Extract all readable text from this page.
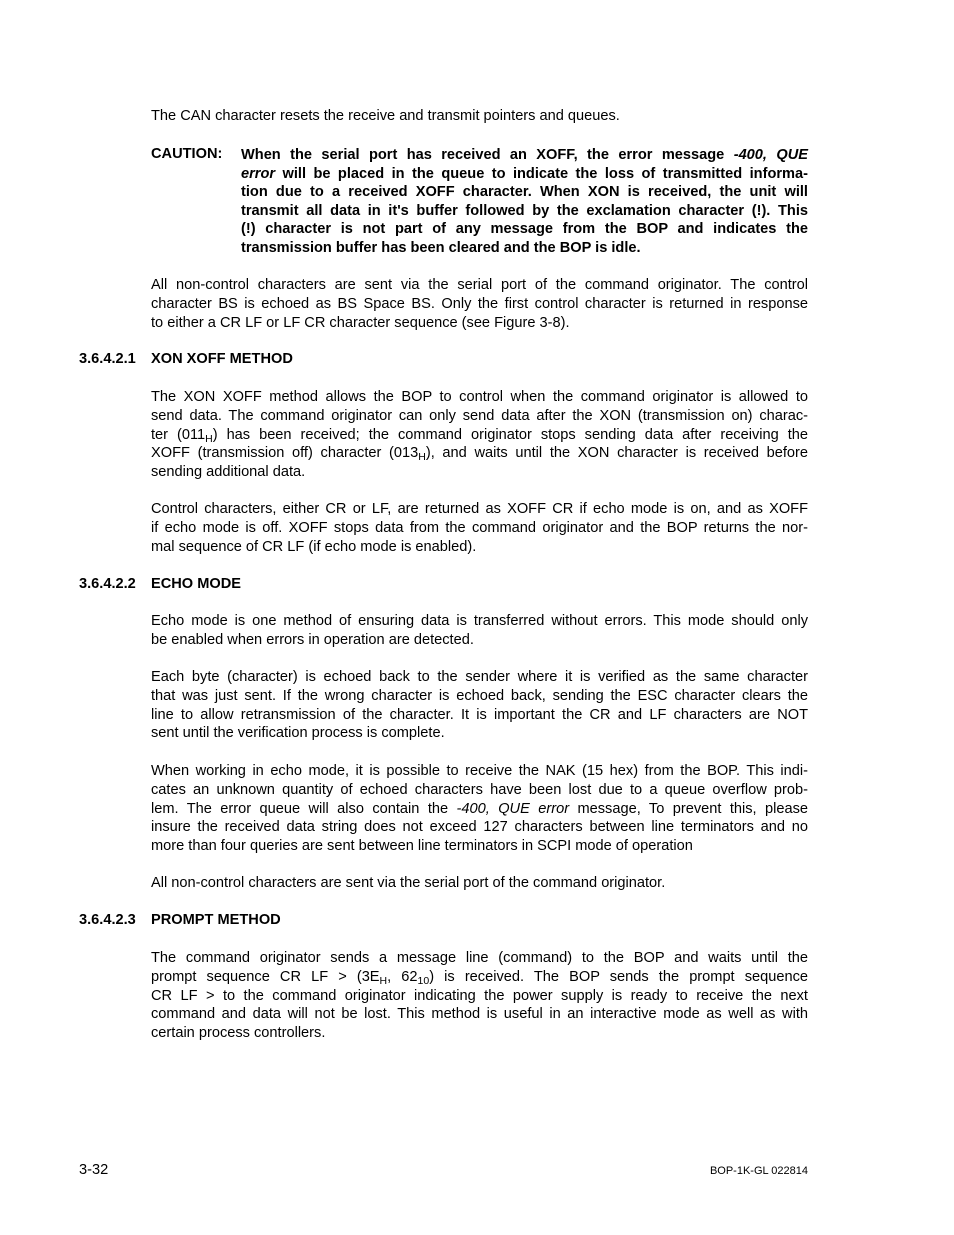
The CAN character resets the receive and transmit pointers and queues.

CAUTION: When the serial port has received an XOFF, the error message -400, QUE
error will be placed in the queue to indicate the loss of transmitted informa-
tion due to a received XOFF character. When XON is received, the unit will
transmit all data in it's buffer followed by the exclamation character (!). This
(!) character is not part of any message from the BOP and indicates the
transmission buffer has been cleared and the BOP is idle.

All non-control characters are sent via the serial port of the command originator. The control
character BS is echoed as BS Space BS. Only the first control character is returned in response
to either a CR LF or LF CR character sequence (see Figure 3-8).

3.6.4.2.1 XON XOFF METHOD

The XON XOFF method allows the BOP to control when the command originator is allowed to
send data. The command originator can only send data after the XON (transmission on) charac-
ter $(011_H)$ has been received; the command originator stops sending data after receiving the
XOFF (transmission off) character $(013_H)$, and waits until the XON character is received before
sending additional data.

Control characters, either CR or LF, are returned as XOFF CR if echo mode is on, and as XOFF
if echo mode is off. XOFF stops data from the command originator and the BOP returns the nor-
mal sequence of CR LF (if echo mode is enabled).

3.6.4.2.2 ECHO MODE

Echo mode is one method of ensuring data is transferred without errors. This mode should only
be enabled when errors in operation are detected.

Each byte (character) is echoed back to the sender where it is verified as the same character
that was just sent. If the wrong character is echoed back, sending the ESC character clears the
line to allow retransmission of the character. It is important the CR and LF characters are NOT
sent until the verification process is complete.

When working in echo mode, it is possible to receive the NAK (15 hex) from the BOP. This indi-
cates an unknown quantity of echoed characters have been lost due to a queue overflow prob-
lem. The error queue will also contain the -400, QUE error message, To prevent this, please
insure the received data string does not exceed 127 characters between line terminators and no
more than four queries are sent between line terminators in SCPI mode of operation

All non-control characters are sent via the serial port of the command originator.

3.6.4.2.3 PROMPT METHOD

The command originator sends a message line (command) to the BOP and waits until the
prompt sequence CR LF > ($3E_H$, $62_{10}$) is received. The BOP sends the prompt sequence
CR LF > to the command originator indicating the power supply is ready to receive the next
command and data will not be lost. This method is useful in an interactive mode as well as with
certain process controllers.

3-32	BOP-1K-GL 022814
